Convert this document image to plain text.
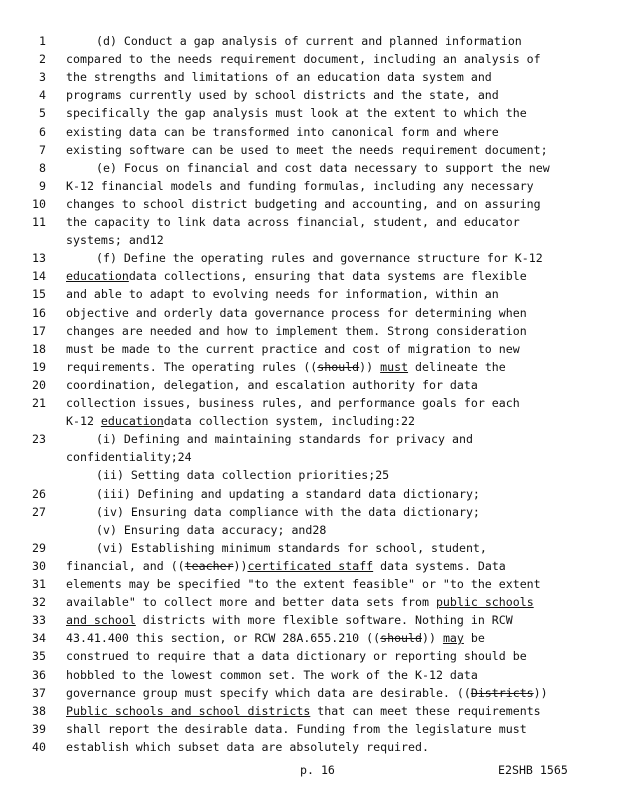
1	(d) Conduct a gap analysis of current and planned information
2 compared to the needs requirement document, including an analysis of
3 the strengths and limitations of an education data system and
4 programs currently used by school districts and the state, and
5 specifically the gap analysis must look at the extent to which the
6 existing data can be transformed into canonical form and where
7 existing software can be used to meet the needs requirement document;
8	(e) Focus on financial and cost data necessary to support the new
9 K-12 financial models and funding formulas, including any necessary
10 changes to school district budgeting and accounting, and on assuring
11 the capacity to link data across financial, student, and educator
systems; and12
13	(f) Define the operating rules and governance structure for K-12
14 educationdata collections, ensuring that data systems are flexible
15 and able to adapt to evolving needs for information, within an
16 objective and orderly data governance process for determining when
17 changes are needed and how to implement them. Strong consideration
18 must be made to the current practice and cost of migration to new
19 requirements. The operating rules ((should)) must delineate the
20 coordination, delegation, and escalation authority for data
21 collection issues, business rules, and performance goals for each
K-12 educationdata collection system, including:22
23	(i) Defining and maintaining standards for privacy and
confidentiality;24
(ii) Setting data collection priorities;25
26	(iii) Defining and updating a standard data dictionary;
27	(iv) Ensuring data compliance with the data dictionary;
(v) Ensuring data accuracy; and28
29	(vi) Establishing minimum standards for school, student,
30 financial, and ((teacher))certificated staff data systems. Data
31 elements may be specified "to the extent feasible" or "to the extent
32 available" to collect more and better data sets from public schools
33 and school districts with more flexible software. Nothing in RCW
34 43.41.400 this section, or RCW 28A.655.210 ((should)) may be
35 construed to require that a data dictionary or reporting should be
36 hobbled to the lowest common set. The work of the K-12 data
37 governance group must specify which data are desirable. ((Districts))
38 Public schools and school districts that can meet these requirements
39 shall report the desirable data. Funding from the legislature must
40 establish which subset data are absolutely required.
p. 16	E2SHB 1565
